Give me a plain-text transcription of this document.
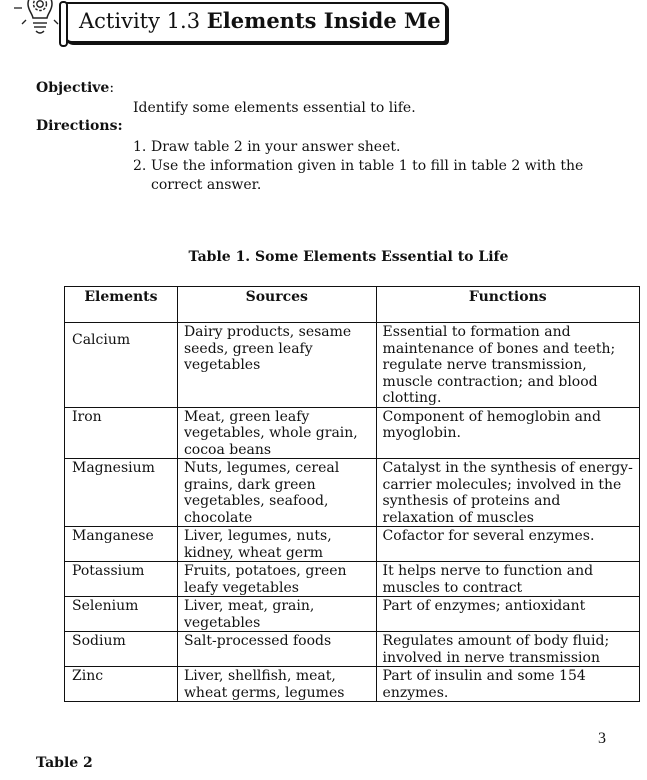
Activity 1.3 Elements Inside Me
Objective:
Identify some elements essential to life.
Directions:
1. Draw table 2 in your answer sheet.
2. Use the information given in table 1 to fill in table 2 with the correct answer.
Table 1. Some Elements Essential to Life
Elements	Sources	Functions
Calcium	Dairy products, sesame seeds, green leafy vegetables	Essential to formation and maintenance of bones and teeth; regulate nerve transmission, muscle contraction; and blood clotting.
Iron	Meat, green leafy vegetables, whole grain, cocoa beans	Component of hemoglobin and myoglobin.
Magnesium	Nuts, legumes, cereal grains, dark green vegetables, seafood, chocolate	Catalyst in the synthesis of energy-carrier molecules; involved in the synthesis of proteins and relaxation of muscles
Manganese	Liver, legumes, nuts, kidney, wheat germ	Cofactor for several enzymes.
Potassium	Fruits, potatoes, green leafy vegetables	It helps nerve to function and muscles to contract
Selenium	Liver, meat, grain, vegetables	Part of enzymes; antioxidant
Sodium	Salt-processed foods	Regulates amount of body fluid; involved in nerve transmission
Zinc	Liver, shellfish, meat, wheat germs, legumes	Part of insulin and some 154 enzymes.
3
Table 2
